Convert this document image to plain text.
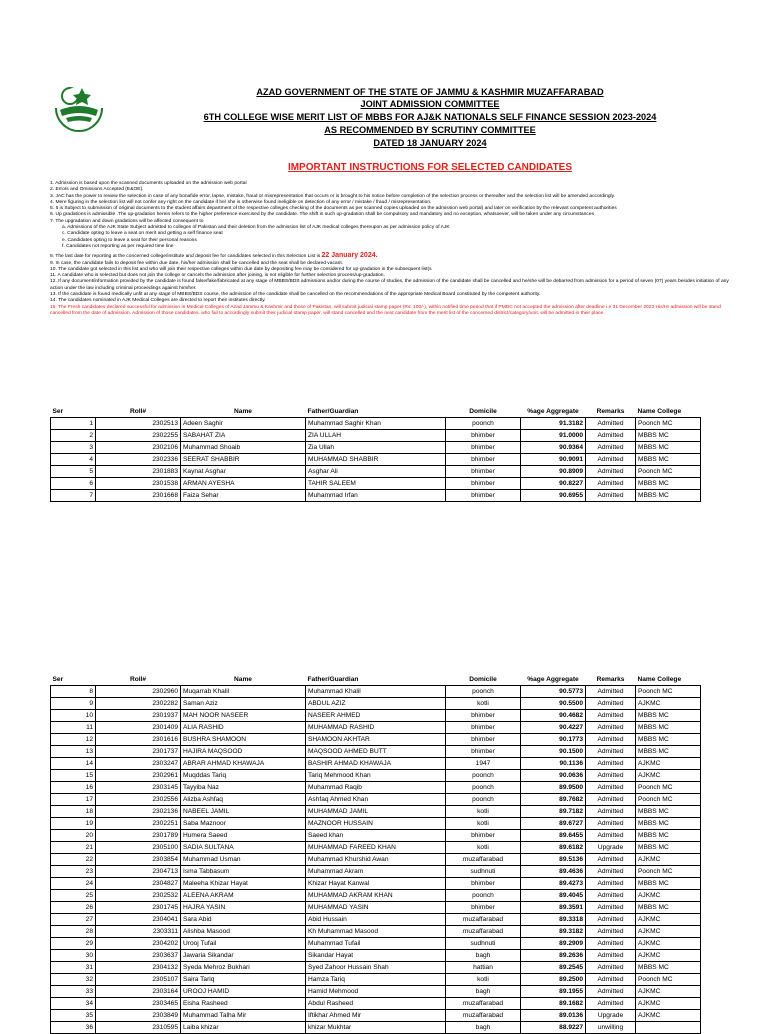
AZAD GOVERNMENT OF THE STATE OF JAMMU & KASHMIR MUZAFFARABAD
JOINT ADMISSION COMMITTEE
6TH COLLEGE WISE MERIT LIST OF MBBS FOR AJ&K NATIONALS SELF FINANCE SESSION 2023-2024
AS RECOMMENDED BY SCRUTINY COMMITTEE
DATED 18 JANUARY 2024
IMPORTANT INSTRUCTIONS FOR SELECTED CANDIDATES
1. Admission is based upon the scanned documents uploaded on the admission web portal
2. Errors and Omissions Accepted (E&OE).
3. JAC has the power to review the selection in case of any bonafide error, lapse, mistake, fraud or misrepresentation that occurs or is brought to his notice before completion of the selection process or thereafter and the selection list will be amended accordingly.
4. Mere figuring in the selection list will not confer any right on the candidate if he/ she is otherwise found ineligible on detection of any error / mistake / fraud / misrepresentation.
5. It is Subject to submission of original documents to the student affairs department of the respective colleges checking of the documents as per scanned copies uploaded on the admission web portal) and later on verification by the relevant competent authorities
6. Up gradations is admissible .The up-gradation herein refers to the higher preference exercised by the candidate. The shift in such up-gradation shall be compulsory and mandatory and no exception, whatsoever, will be taken under any circumstances
7. The upgradation and down gradations will be affected consequent to
a. Admissions of the AJK State Subject admitted to colleges of Pakistan and their deletion from the admission list of AJK medical colleges thereupon as per admission policy of AJK
c. Candidate opting to leave a seat on merit and getting a self finance seat
e. Candidates opting to leave a seat for their personal reasons
f. Candidates not reporting as per required time line
8. The last date for reporting at the concerned college/institute and deposit fee for candidates selected in this Selection List is 22 January 2024.
9. In case, the candidate fails to deposit fee within due date, his/her admission shall be cancelled and the seat shall be declared vacant.
10. The candidate got selected in this list and who will join their respective colleges within due date by depositing fee may be considered for up-gradation in the subsequent list(s
11. A candidate who is selected but does not join the college or cancels the admission after joining, is not eligible for further selection process/up-gradation.
12. If any document/information provided by the candidate is found false/fake/fabricated at any stage of MBBS/BDS admissions and/or during the course of studies, the admission of the candidate shall be cancelled and he/she will be debarred from admission for a period of seven (07) years besides initiation of any action under the law including criminal proceedings against him/her.
13. If the candidate is found medically unfit at any stage of MBBS/BDS course, the admission of the candidate shall be cancelled on the recommendations of the appropriate Medical Board constituted by the competent authority.
14. The candidates nominated in AJK Medical Colleges are directed to report their institutes directly.
15. The Fresh candidates declared successful for admission in Medical Colleges of Azad Jammu & Kashmir and those of Pakistan, will submit judicial stamp paper (Rs. 100/-), within notified time period that if PMDC not accepted the admission after deadline i.e 31 December 2023 His/Hr admission will be stand cancelled from the date of admission. Admission of those candidates, who fail to accordingly submit their judicial stamp paper, will stand cancelled and the next candidate from the merit list of the concerned district/category/unit, will be admitted in their place.
Ser	Roll#	Name	Father/Guardian	Domicile	%age Aggregate	Remarks	Name College
1	2302513	Adeen Saghir	Muhammad Saghir Khan	poonch	91.3182	Admitted	Poonch MC
2	2302255	SABAHAT ZIA	ZIA ULLAH	bhimber	91.0000	Admitted	MBBS MC
3	2302106	Muhammad Shoaib	Zia Ullah	bhimber	90.9364	Admitted	MBBS MC
4	2302336	SEERAT SHABBIR	MUHAMMAD SHABBIR	bhimber	90.9091	Admitted	MBBS MC
5	2301883	Kaynat Asghar	Asghar Ali	bhimber	90.8909	Admitted	Poonch MC
6	2301538	ARMAN AYESHA	TAHIR SALEEM	bhimber	90.8227	Admitted	MBBS MC
7	2301668	Faiza Sehar	Muhammad Irfan	bhimber	90.6955	Admitted	MBBS MC
Ser	Roll#	Name	Father/Guardian	Domicile	%age Aggregate	Remarks	Name College
8	2302960	Muqarrab Khalil	Muhammad Khalil	poonch	90.5773	Admitted	Poonch MC
9	2302282	Saman Aziz	ABDUL AZIZ	kotli	90.5500	Admitted	AJKMC
10	2301937	MAH NOOR NASEER	NASEER AHMED	bhimber	90.4682	Admitted	MBBS MC
11	2301409	ALIA RASHID	MUHAMMAD RASHID	bhimber	90.4227	Admitted	MBBS MC
12	2301616	BUSHRA SHAMOON	SHAMOON AKHTAR	bhimber	90.1773	Admitted	MBBS MC
13	2301737	HAJIRA MAQSOOD	MAQSOOD AHMED BUTT	bhimber	90.1500	Admitted	MBBS MC
14	2303247	ABRAR AHMAD KHAWAJA	BASHIR AHMAD KHAWAJA	1947	90.1136	Admitted	AJKMC
15	2302961	Muqddas Tariq	Tariq Mehmood Khan	poonch	90.0636	Admitted	AJKMC
16	2303145	Tayyiba Naz	Muhammad Raqib	poonch	89.9500	Admitted	Poonch MC
17	2302556	Alizba Ashfaq	Ashfaq Ahmed Khan	poonch	89.7682	Admitted	Poonch MC
18	2302136	NABEEL JAMIL	MUHAMMAD JAMIL	kotli	89.7182	Admitted	MBBS MC
19	2302251	Saba Maznoor	MAZNOOR HUSSAIN	kotli	89.6727	Admitted	MBBS MC
20	2301789	Humera Saeed	Saeed khan	bhimber	89.6455	Admitted	MBBS MC
21	2305100	SADIA SULTANA	MUHAMMAD FAREED KHAN	kotli	89.6182	Upgrade	MBBS MC
22	2303854	Muhammad Usman	Muhammad Khurshid Awan	muzaffarabad	89.5136	Admitted	AJKMC
23	2304713	Isma Tabbasum	Muhammad Akram	sudhnuti	89.4636	Admitted	Poonch MC
24	2304827	Maleeha Khizar Hayat	Khizar Hayat Kanwal	bhimber	89.4273	Admitted	MBBS MC
25	2302532	ALEENA AKRAM	MUHAMMAD AKRAM KHAN	poonch	89.4045	Admitted	AJKMC
26	2301745	HAJRA YASIN	MUHAMMAD YASIN	bhimber	89.3591	Admitted	MBBS MC
27	2304041	Sara Abid	Abid Hussain	muzaffarabad	89.3318	Admitted	AJKMC
28	2303311	Alishba Masood	Kh Muhammad Masood	muzaffarabad	89.3182	Admitted	AJKMC
29	2304202	Urooj Tufail	Muhammad Tufail	sudhnuti	89.2909	Admitted	AJKMC
30	2303637	Jawaria Sikandar	Sikandar Hayat	bagh	89.2636	Admitted	AJKMC
31	2304132	Syeda Mehroz Bukhari	Syed Zahoor Hussain Shah	hattian	89.2545	Admitted	MBBS MC
32	2305107	Saira Tariq	Hamza Tariq	kotli	89.2500	Admitted	Poonch MC
33	2303164	UROOJ HAMID	Hamid Mehmood	bagh	89.1955	Admitted	AJKMC
34	2303465	Eisha Rasheed	Abdul Rasheed	muzaffarabad	89.1682	Admitted	AJKMC
35	2303849	Muhammad Talha Mir	Iftikhar Ahmed Mir	muzaffarabad	89.0136	Upgrade	AJKMC
36	2310595	Laiba khizar	khizar Mukhtar	bagh	88.9227	unwilling	
